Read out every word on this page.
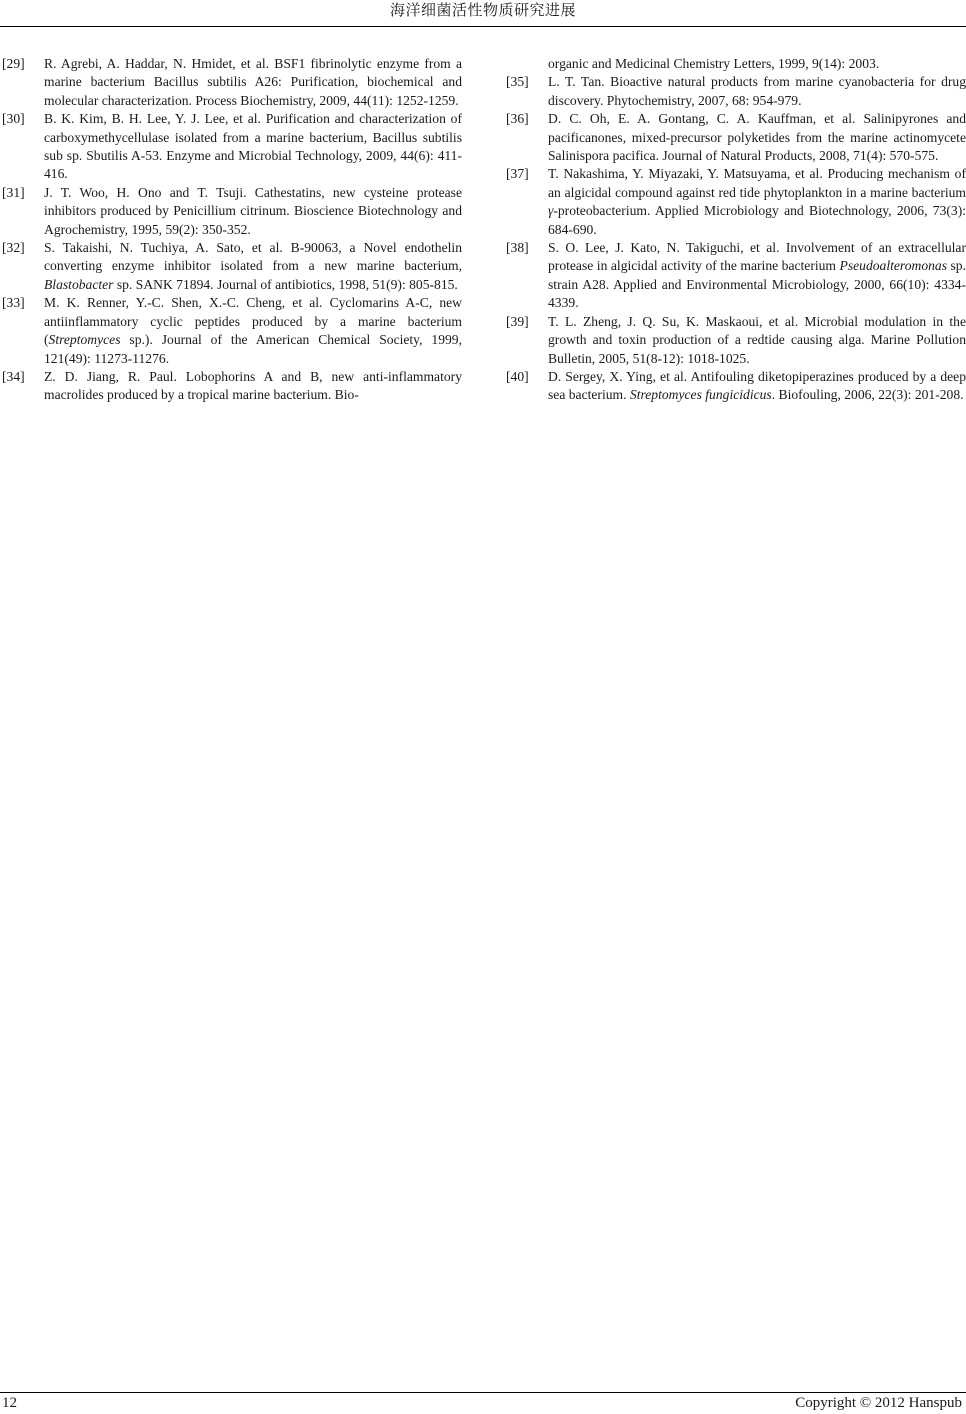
海洋细菌活性物质研究进展
[29]	R. Agrebi, A. Haddar, N. Hmidet, et al. BSF1 fibrinolytic enzyme from a marine bacterium Bacillus subtilis A26: Purification, biochemical and molecular characterization. Process Biochemistry, 2009, 44(11): 1252-1259.
[30]	B. K. Kim, B. H. Lee, Y. J. Lee, et al. Purification and characterization of carboxymethycellulase isolated from a marine bacterium, Bacillus subtilis sub sp. Sbutilis A-53. Enzyme and Microbial Technology, 2009, 44(6): 411-416.
[31]	J. T. Woo, H. Ono and T. Tsuji. Cathestatins, new cysteine protease inhibitors produced by Penicillium citrinum. Bioscience Biotechnology and Agrochemistry, 1995, 59(2): 350-352.
[32]	S. Takaishi, N. Tuchiya, A. Sato, et al. B-90063, a Novel endothelin converting enzyme inhibitor isolated from a new marine bacterium, Blastobacter sp. SANK 71894. Journal of antibiotics, 1998, 51(9): 805-815.
[33]	M. K. Renner, Y.-C. Shen, X.-C. Cheng, et al. Cyclomarins A-C, new antiinflammatory cyclic peptides produced by a marine bacterium (Streptomyces sp.). Journal of the American Chemical Society, 1999, 121(49): 11273-11276.
[34]	Z. D. Jiang, R. Paul. Lobophorins A and B, new anti-inflammatory macrolides produced by a tropical marine bacterium. Bio-
organic and Medicinal Chemistry Letters, 1999, 9(14): 2003.
[35]	L. T. Tan. Bioactive natural products from marine cyanobacteria for drug discovery. Phytochemistry, 2007, 68: 954-979.
[36]	D. C. Oh, E. A. Gontang, C. A. Kauffman, et al. Salinipyrones and pacificanones, mixed-precursor polyketides from the marine actinomycete Salinispora pacifica. Journal of Natural Products, 2008, 71(4): 570-575.
[37]	T. Nakashima, Y. Miyazaki, Y. Matsuyama, et al. Producing mechanism of an algicidal compound against red tide phytoplankton in a marine bacterium γ-proteobacterium. Applied Microbiology and Biotechnology, 2006, 73(3): 684-690.
[38]	S. O. Lee, J. Kato, N. Takiguchi, et al. Involvement of an extracellular protease in algicidal activity of the marine bacterium Pseudoalteromonas sp. strain A28. Applied and Environmental Microbiology, 2000, 66(10): 4334-4339.
[39]	T. L. Zheng, J. Q. Su, K. Maskaoui, et al. Microbial modulation in the growth and toxin production of a redtide causing alga. Marine Pollution Bulletin, 2005, 51(8-12): 1018-1025.
[40]	D. Sergey, X. Ying, et al. Antifouling diketopiperazines produced by a deep sea bacterium. Streptomyces fungicidicus. Biofouling, 2006, 22(3): 201-208.
12	Copyright © 2012 Hanspub
